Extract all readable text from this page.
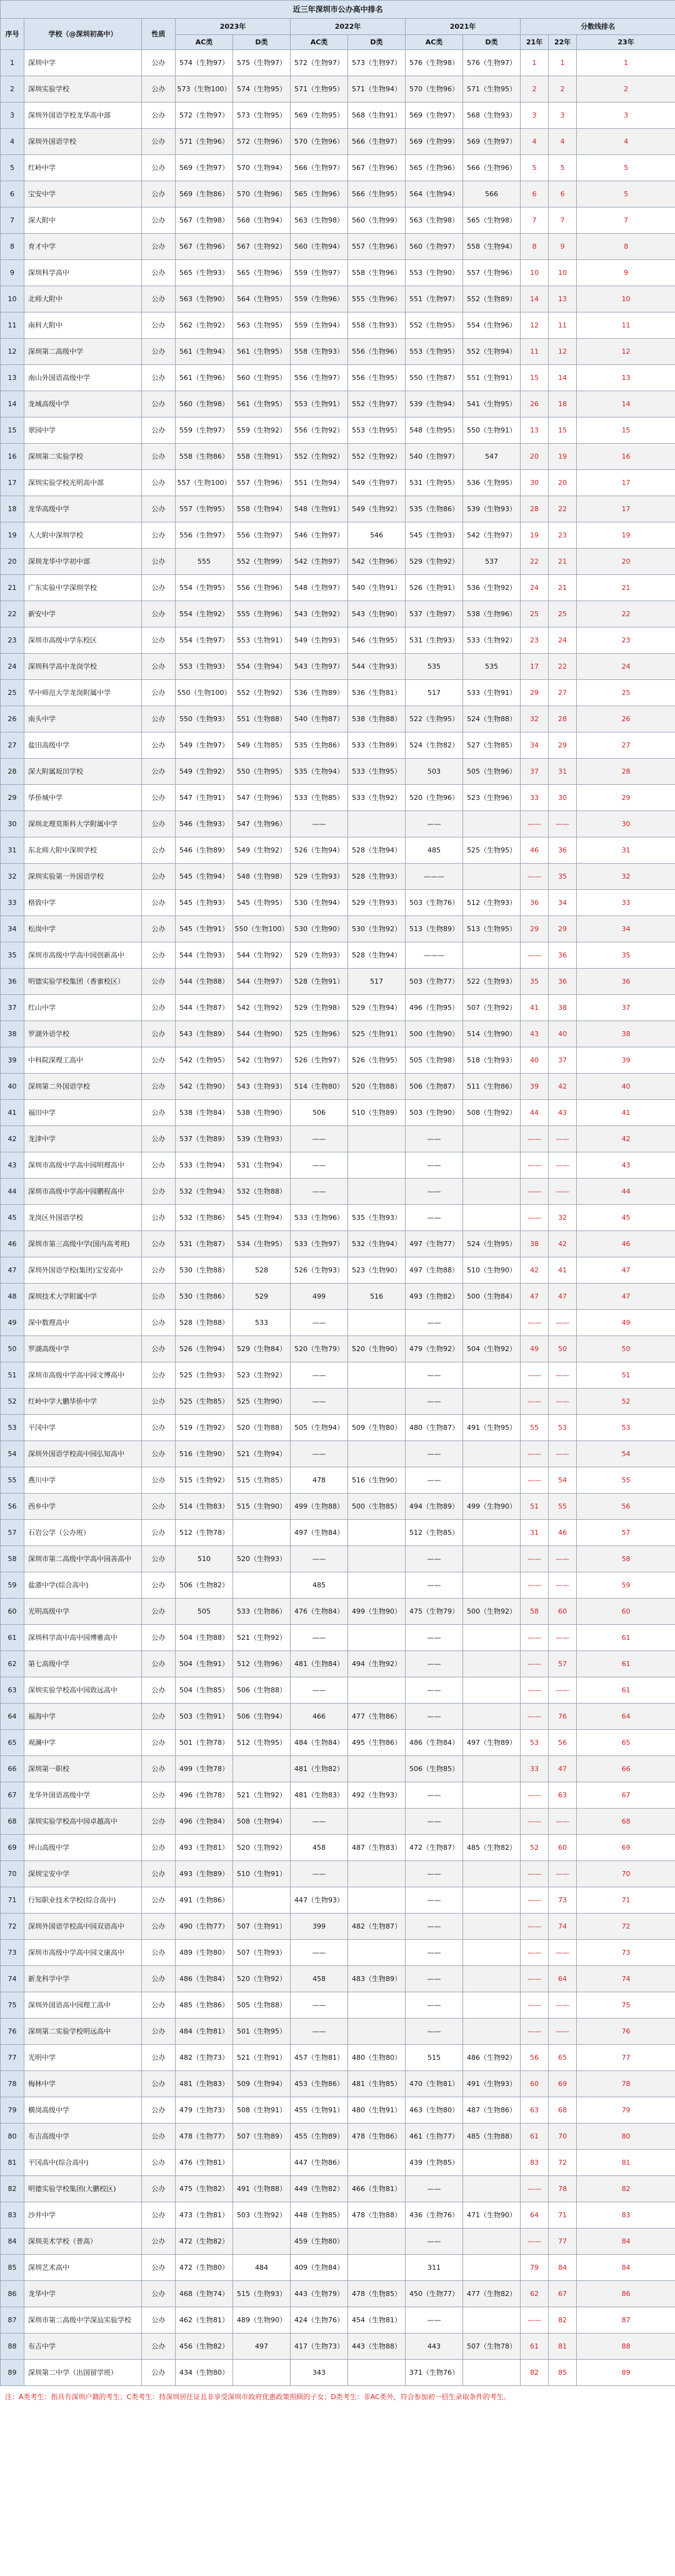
近三年深圳市公办高中排名											
序号	学校（@深圳初高中）	性质	2023年		2022年		2021年		分数线排名		
			AC类	D类	AC类	D类	AC类	D类	21年	22年	23年
1	深圳中学	公办	574（生物97）	575（生物97）	572（生物97）	573（生物97）	576（生物98）	576（生物97）	1	1	1
2	深圳实验学校	公办	573（生物100）	574（生物95）	571（生物95）	571（生物94）	570（生物96）	571（生物95）	2	2	2
3	深圳外国语学校龙华高中部	公办	572（生物97）	573（生物95）	569（生物95）	568（生物91）	569（生物97）	568（生物93）	3	3	3
4	深圳外国语学校	公办	571（生物96）	572（生物96）	570（生物96）	566（生物97）	569（生物99）	569（生物97）	4	4	4
5	红岭中学	公办	569（生物97）	570（生物94）	566（生物97）	567（生物96）	565（生物96）	566（生物96）	5	5	5
6	宝安中学	公办	569（生物86）	570（生物96）	565（生物96）	566（生物95）	564（生物94）	566	6	6	5
7	深大附中	公办	567（生物98）	568（生物94）	563（生物98）	560（生物99）	563（生物98）	565（生物98）	7	7	7
8	育才中学	公办	567（生物96）	567（生物92）	560（生物94）	557（生物96）	560（生物97）	558（生物94）	8	9	8
9	深圳科学高中	公办	565（生物93）	565（生物96）	559（生物97）	558（生物96）	553（生物90）	557（生物96）	10	10	9
10	北师大附中	公办	563（生物90）	564（生物95）	559（生物96）	555（生物96）	551（生物97）	552（生物89）	14	13	10
11	南科大附中	公办	562（生物92）	563（生物95）	559（生物94）	558（生物93）	552（生物95）	554（生物96）	12	11	11
12	深圳第二高级中学	公办	561（生物94）	561（生物95）	558（生物93）	556（生物96）	553（生物95）	552（生物94）	11	12	12
13	南山外国语高级中学	公办	561（生物96）	560（生物95）	556（生物97）	556（生物95）	550（生物87）	551（生物91）	15	14	13
14	龙城高级中学	公办	560（生物98）	561（生物95）	553（生物91）	552（生物97）	539（生物94）	541（生物95）	26	18	14
15	翠园中学	公办	559（生物97）	559（生物92）	556（生物92）	553（生物95）	548（生物95）	550（生物91）	13	15	15
16	深圳第二实验学校	公办	558（生物86）	558（生物91）	552（生物92）	552（生物92）	540（生物97）	547	20	19	16
17	深圳实验学校光明高中部	公办	557（生物100）	557（生物96）	551（生物94）	549（生物97）	531（生物95）	536（生物95）	30	20	17
18	龙华高级中学	公办	557（生物95）	558（生物94）	548（生物91）	549（生物92）	535（生物86）	539（生物93）	28	22	17
19	人大附中深圳学校	公办	556（生物97）	556（生物97）	546（生物97）	546	545（生物93）	542（生物97）	19	23	19
20	深圳龙华中学初中部	公办	555	552（生物99）	542（生物97）	542（生物96）	529（生物92）	537	22	21	20
21	广东实验中学深圳学校	公办	554（生物95）	556（生物96）	548（生物97）	540（生物91）	526（生物91）	536（生物92）	24	21	21
22	新安中学	公办	554（生物92）	555（生物96）	543（生物92）	543（生物90）	537（生物97）	538（生物96）	25	25	22
23	深圳市高级中学东校区	公办	554（生物97）	553（生物91）	549（生物93）	546（生物95）	531（生物93）	533（生物92）	23	24	23
24	深圳科学高中龙岗学校	公办	553（生物93）	554（生物94）	543（生物97）	544（生物93）	535	535	17	22	24
25	华中师范大学龙岗附属中学	公办	550（生物100）	552（生物92）	536（生物89）	536（生物81）	517	533（生物91）	29	27	25
26	南头中学	公办	550（生物93）	551（生物88）	540（生物87）	538（生物88）	522（生物95）	524（生物88）	32	28	26
27	盐田高级中学	公办	549（生物97）	549（生物85）	535（生物86）	533（生物89）	524（生物82）	527（生物85）	34	29	27
28	深大附属坂田学校	公办	549（生物92）	550（生物95）	535（生物94）	533（生物95）	503	505（生物96）	37	31	28
29	华侨城中学	公办	547（生物91）	547（生物96）	533（生物85）	533（生物92）	520（生物96）	523（生物96）	33	30	29
30	深圳北理莫斯科大学附属中学	公办	546（生物93）	547（生物96）	——		——		——	——	30
31	东北师大附中深圳学校	公办	546（生物89）	549（生物92）	526（生物94）	528（生物94）	485	525（生物95）	46	36	31
32	深圳实验第一外国语学校	公办	545（生物94）	548（生物98）	529（生物93）	528（生物93）	———		——	35	32
33	格致中学	公办	545（生物93）	545（生物95）	530（生物94）	529（生物93）	503（生物76）	512（生物93）	36	34	33
34	松岗中学	公办	545（生物91）	550（生物100）	530（生物90）	530（生物92）	513（生物89）	513（生物95）	29	29	34
35	深圳市高级中学高中园创新高中	公办	544（生物93）	544（生物92）	529（生物93）	528（生物94）	———		——	36	35
36	明德实验学校集团（香蜜校区）	公办	544（生物88）	544（生物97）	528（生物91）	517	503（生物77）	522（生物93）	35	36	36
37	红山中学	公办	544（生物87）	542（生物92）	529（生物98）	529（生物94）	496（生物95）	507（生物92）	41	38	37
38	罗湖外语学校	公办	543（生物89）	544（生物90）	525（生物96）	525（生物91）	500（生物90）	514（生物90）	43	40	38
39	中科院深理工高中	公办	542（生物95）	542（生物97）	526（生物97）	526（生物95）	505（生物98）	518（生物93）	40	37	39
40	深圳第二外国语学校	公办	542（生物90）	543（生物93）	514（生物80）	520（生物88）	506（生物87）	511（生物86）	39	42	40
41	福田中学	公办	538（生物84）	538（生物90）	506	510（生物89）	503（生物90）	508（生物92）	44	43	41
42	龙津中学	公办	537（生物89）	539（生物93）	——		——		——	——	42
43	深圳市高级中学高中园明理高中	公办	533（生物94）	531（生物94）	——		——		——	——	43
44	深圳市高级中学高中园鹏程高中	公办	532（生物94）	532（生物88）	——		——		——	——	44
45	龙岗区外国语学校	公办	532（生物86）	545（生物94）	533（生物96）	535（生物93）	——		——	32	45
46	深圳市第三高级中学(国内高考班)	公办	531（生物87）	534（生物95）	533（生物97）	532（生物94）	497（生物77）	524（生物95）	38	42	46
47	深圳外国语学校(集团)宝安高中	公办	530（生物88）	528	526（生物93）	523（生物90）	497（生物88）	510（生物90）	42	41	47
48	深圳技术大学附属中学	公办	530（生物86）	529	499	516	493（生物82）	500（生物84）	47	47	47
49	深中数理高中	公办	528（生物88）	533	——		——		——	——	49
50	罗湖高级中学	公办	526（生物94）	529（生物84）	520（生物79）	520（生物90）	479（生物92）	504（生物92）	49	50	50
51	深圳市高级中学高中园文博高中	公办	525（生物93）	523（生物92）	——		——		——	——	51
52	红岭中学大鹏华侨中学	公办	525（生物85）	525（生物90）	——		——		——	——	52
53	平冈中学	公办	519（生物92）	520（生物88）	505（生物94）	509（生物80）	480（生物87）	491（生物95）	55	53	53
54	深圳外国语学校高中园弘知高中	公办	516（生物90）	521（生物94）	——		——		——	——	54
55	燕川中学	公办	515（生物92）	515（生物85）	478	516（生物90）	——		——	54	55
56	西乡中学	公办	514（生物83）	515（生物90）	499（生物88）	500（生物85）	494（生物89）	499（生物90）	51	55	56
57	石岩公学（公办班）	公办	512（生物78）		497（生物84）		512（生物85）		31	46	57
58	深圳市第二高级中学高中园善高中	公办	510	520（生物93）	——		——		——	——	58
59	盐港中学(综合高中)	公办	506（生物82）		485		——		——	——	59
60	光明高级中学	公办	505	533（生物86）	476（生物84）	499（生物90）	475（生物79）	500（生物92）	58	60	60
61	深圳科学高中高中园博雅高中	公办	504（生物88）	521（生物92）	——		——		——	——	61
62	第七高级中学	公办	504（生物91）	512（生物96）	481（生物84）	494（生物92）	——		——	57	61
63	深圳实验学校高中园致远高中	公办	504（生物85）	506（生物88）	——		——		——	——	61
64	福海中学	公办	503（生物91）	506（生物94）	466	477（生物86）	——		——	76	64
65	观澜中学	公办	501（生物78）	512（生物95）	484（生物84）	495（生物86）	486（生物84）	497（生物89）	53	56	65
66	深圳第一职校	公办	499（生物78）		481（生物82）		506（生物85）		33	47	66
67	龙华外国语高级中学	公办	496（生物78）	521（生物92）	481（生物83）	492（生物93）	——		——	63	67
68	深圳实验学校高中园卓越高中	公办	496（生物84）	508（生物94）	——		——		——	——	68
69	坪山高级中学	公办	493（生物81）	520（生物92）	458	487（生物83）	472（生物87）	485（生物82）	52	60	69
70	深圳宝安中学	公办	493（生物89）	510（生物91）	——		——		——	——	70
71	行知职业技术学校(综合高中)	公办	491（生物86）		447（生物93）		——		——	73	71
72	深圳外国语学校高中园双语高中	公办	490（生物77）	507（生物91）	399	482（生物87）	——		——	74	72
73	深圳市高级中学高中园文康高中	公办	489（生物80）	507（生物93）	——		——		——	——	73
74	新龙科学中学	公办	486（生物84）	520（生物92）	458	483（生物89）	——		——	64	74
75	深圳外国语高中园理工高中	公办	485（生物86）	505（生物88）	——		——		——	——	75
76	深圳第二实验学校明远高中	公办	484（生物81）	501（生物95）	——		——		——	——	76
77	光明中学	公办	482（生物73）	521（生物91）	457（生物81）	480（生物80）	515	486（生物92）	56	65	77
78	梅林中学	公办	481（生物83）	509（生物94）	453（生物86）	481（生物85）	470（生物81）	491（生物93）	60	69	78
79	横岗高级中学	公办	479（生物73）	508（生物91）	455（生物91）	480（生物91）	463（生物80）	487（生物86）	63	68	79
80	布吉高级中学	公办	478（生物77）	507（生物89）	455（生物89）	478（生物86）	461（生物77）	485（生物88）	61	70	80
81	平冈高中(综合高中)	公办	476（生物81）		447（生物86）		439（生物85）		83	72	81
82	明德实验学校集团(大鹏校区)	公办	475（生物82）	491（生物88）	449（生物82）	466（生物81）	——		——	78	82
83	沙井中学	公办	473（生物81）	503（生物92）	448（生物85）	478（生物88）	436（生物76）	471（生物90）	64	71	83
84	深圳美术学校（普高）	公办	472（生物82）		459（生物80）		——		——	77	84
85	深圳艺术高中	公办	472（生物80）	484	409（生物84）		311		79	84	84
86	龙华中学	公办	468（生物74）	515（生物93）	443（生物79）	478（生物85）	450（生物77）	477（生物82）	62	67	86
87	深圳市第二高级中学深汕实验学校	公办	462（生物81）	489（生物90）	424（生物76）	454（生物81）	——		——	82	87
88	布吉中学	公办	456（生物82）	497	417（生物73）	443（生物88）	443	507（生物78）	61	81	88
89	深圳第二中学（出国留学班）	公办	434（生物80）		343		371（生物76）		82	85	89
注：A类考生：指具有深圳户籍的考生；C类考生：持深圳居住证且非享受深圳市政府优惠政策照顾的子女；D类考生：非AC类外，符合参加初一招生录取条件的考生。
